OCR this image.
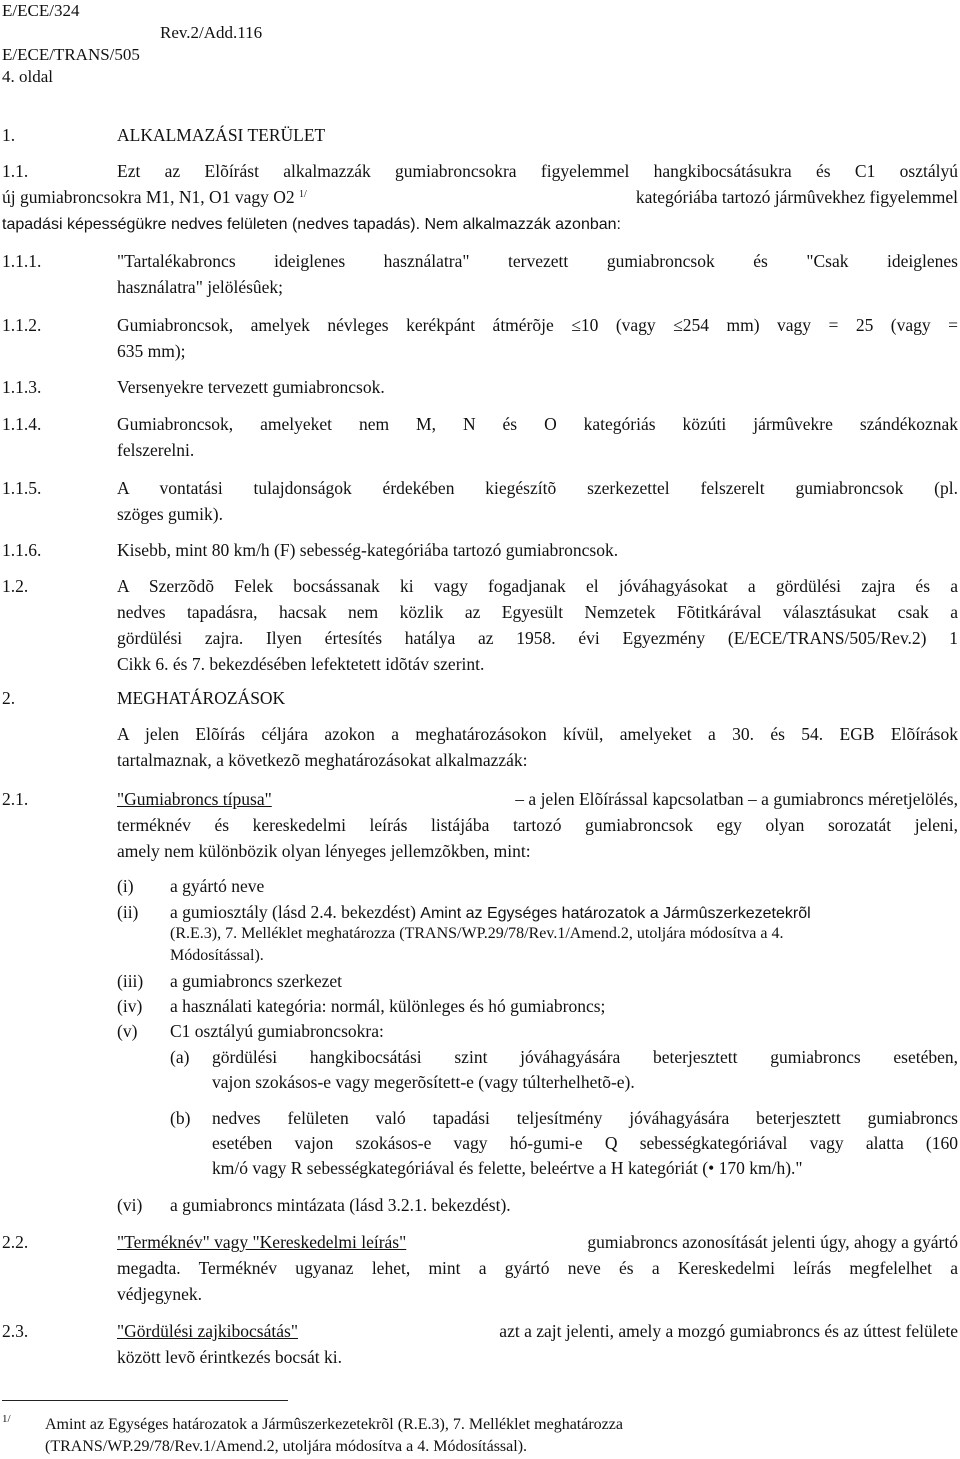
E/ECE/324
Rev.2/Add.116
E/ECE/TRANS/505
4. oldal
1.	ALKALMAZÁSI TERÜLET
1.1.	Ezt az Elõírást alkalmazzák gumiabroncsokra figyelemmel hangkibocsátásukra és C1 osztályú
új gumiabroncsokra M1, N1, O1 vagy O2 $^{1/}$	kategóriába tartozó jármûvekhez figyelemmel
tapadási képességükre nedves felületen (nedves tapadás). Nem alkalmazzák azonban:
1.1.1.	"Tartalékabroncs ideiglenes használatra" tervezett gumiabroncsok és "Csak ideiglenes
használatra" jelölésûek;
1.1.2.	Gumiabroncsok, amelyek névleges kerékpánt átmérõje ≤10 (vagy ≤254 mm) vagy = 25 (vagy =
635 mm);
1.1.3.	Versenyekre tervezett gumiabroncsok.
1.1.4.	Gumiabroncsok, amelyeket nem M, N és O kategóriás közúti jármûvekre szándékoznak
felszerelni.
1.1.5.	A vontatási tulajdonságok érdekében kiegészítõ szerkezettel felszerelt gumiabroncsok (pl.
szöges gumik).
1.1.6.	Kisebb, mint 80 km/h (F) sebesség-kategóriába tartozó gumiabroncsok.
1.2.	A Szerzõdõ Felek bocsássanak ki vagy fogadjanak el jóváhagyásokat a gördülési zajra és a
nedves tapadásra, hacsak nem közlik az Egyesült Nemzetek Fõtitkárával választásukat csak a
gördülési zajra. Ilyen értesítés hatálya az 1958. évi Egyezmény (E/ECE/TRANS/505/Rev.2) 1
Cikk 6. és 7. bekezdésében lefektetett idõtáv szerint.
2.	MEGHATÁROZÁSOK
A jelen Elõírás céljára azokon a meghatározásokon kívül, amelyeket a 30. és 54. EGB Elõírások
tartalmaznak, a következõ meghatározásokat alkalmazzák:
2.1.	"Gumiabroncs típusa"	– a jelen Elõírással kapcsolatban – a gumiabroncs méretjelölés,
terméknév és kereskedelmi leírás listájába tartozó gumiabroncsok egy olyan sorozatát jeleni,
amely nem különbözik olyan lényeges jellemzõkben, mint:
(i) a gyártó neve
(ii) a gumiosztály (lásd 2.4. bekezdést) Amint az Egységes határozatok a Jármûszerkezetekrõl
(R.E.3), 7. Melléklet meghatározza (TRANS/WP.29/78/Rev.1/Amend.2, utoljára módosítva a 4.
Módosítással).
(iii) a gumiabroncs szerkezet
(iv) a használati kategória: normál, különleges és hó gumiabroncs;
(v) C1 osztályú gumiabroncsokra:
(a) gördülési hangkibocsátási szint jóváhagyására beterjesztett gumiabroncs esetében,
vajon szokásos-e vagy megerõsített-e (vagy túlterhelhetõ-e).
(b) nedves felületen való tapadási teljesítmény jóváhagyására beterjesztett gumiabroncs
esetében vajon szokásos-e vagy hó-gumi-e Q sebességkategóriával vagy alatta (160
km/ó vagy R sebességkategóriával és felette, beleértve a H kategóriát (• 170 km/h)."
(vi) a gumiabroncs mintázata (lásd 3.2.1. bekezdést).
2.2.	"Terméknév" vagy "Kereskedelmi leírás"	gumiabroncs azonosítását jelenti úgy, ahogy a gyártó
megadta. Terméknév ugyanaz lehet, mint a gyártó neve és a Kereskedelmi leírás megfelelhet a
védjegynek.
2.3.	"Gördülési zajkibocsátás"	azt a zajt jelenti, amely a mozgó gumiabroncs és az úttest felülete
között levõ érintkezés bocsát ki.
1/ Amint az Egységes határozatok a Jármûszerkezetekrõl (R.E.3), 7. Melléklet meghatározza
(TRANS/WP.29/78/Rev.1/Amend.2, utoljára módosítva a 4. Módosítással).
